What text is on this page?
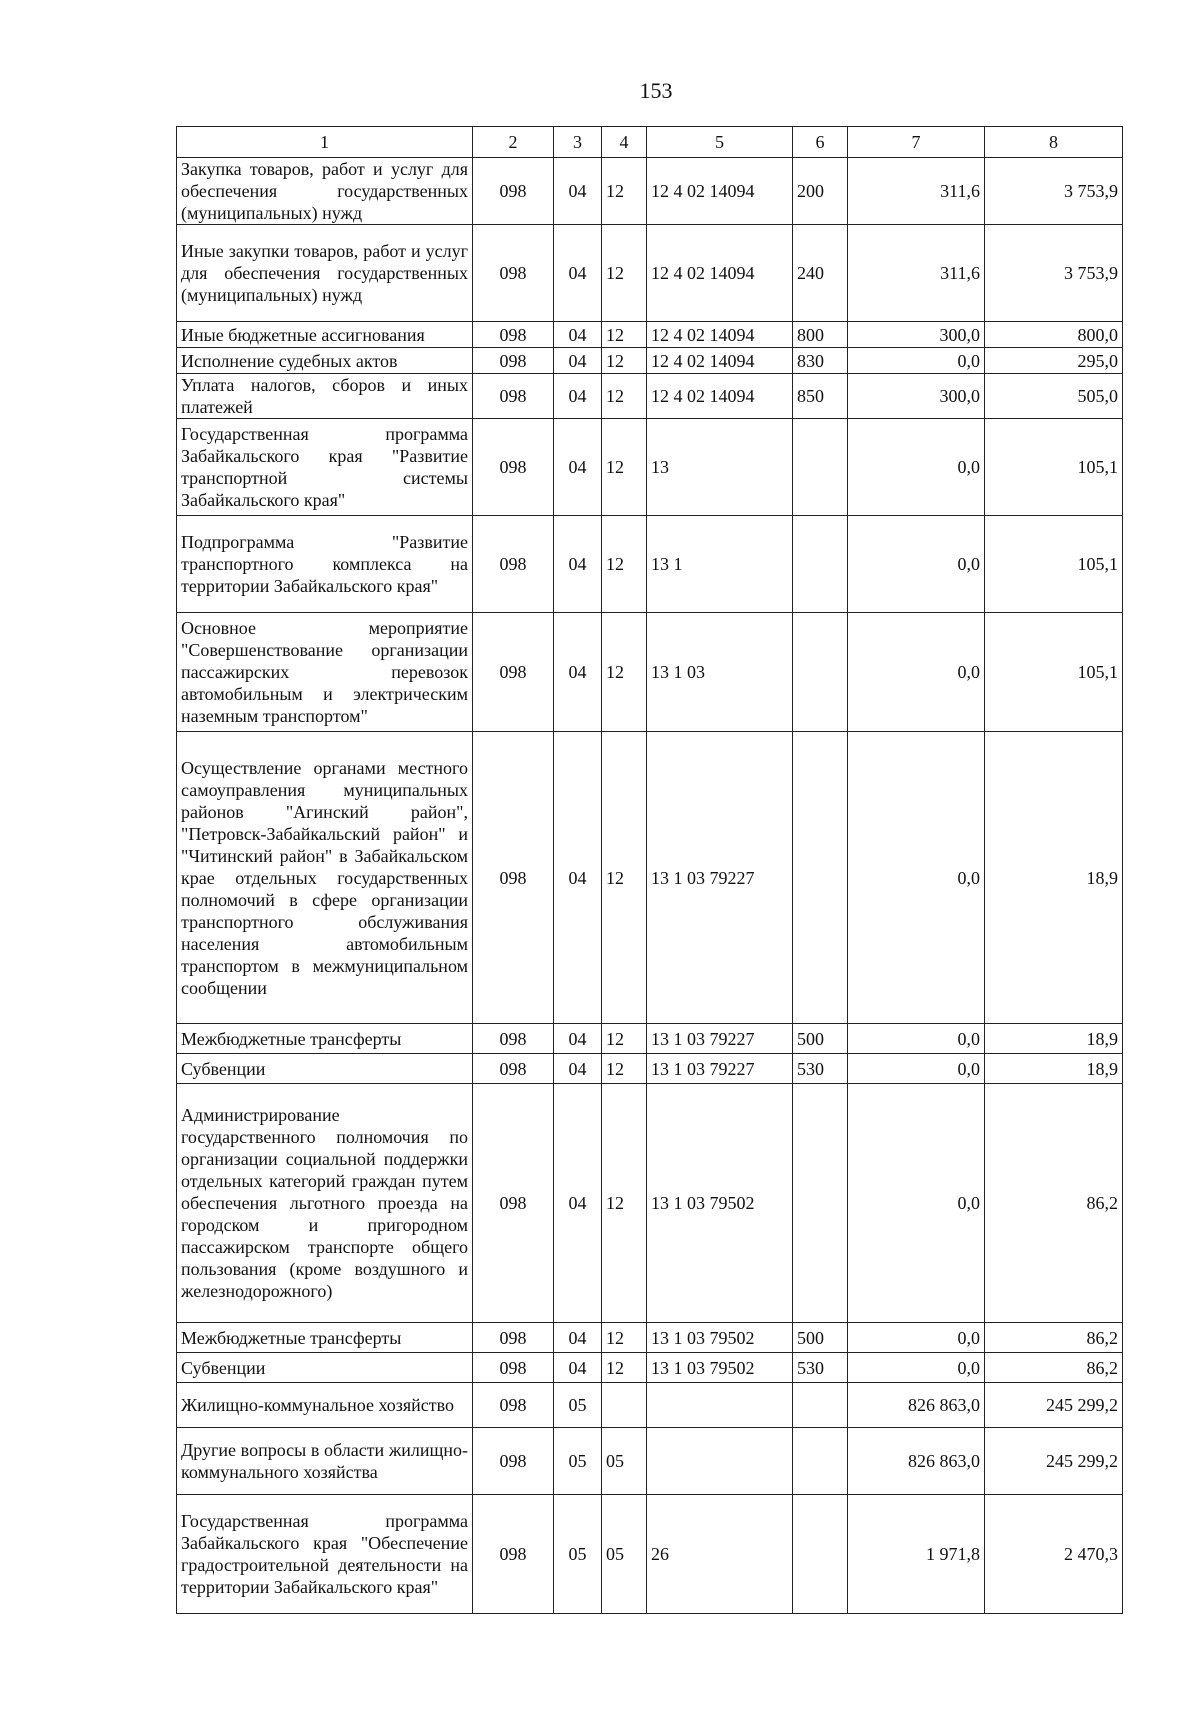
153
1	2	3	4	5	6	7	8
Закупка товаров, работ и услуг для обеспечения государственных (муниципальных) нужд	098	04	12	12 4 02 14094	200	311,6	3 753,9
Иные закупки товаров, работ и услуг для обеспечения государственных (муниципальных) нужд	098	04	12	12 4 02 14094	240	311,6	3 753,9
Иные бюджетные ассигнования	098	04	12	12 4 02 14094	800	300,0	800,0
Исполнение судебных актов	098	04	12	12 4 02 14094	830	0,0	295,0
Уплата налогов, сборов и иных платежей	098	04	12	12 4 02 14094	850	300,0	505,0
Государственная программа Забайкальского края "Развитие транспортной системы Забайкальского края"	098	04	12	13		0,0	105,1
Подпрограмма "Развитие транспортного комплекса на территории Забайкальского края"	098	04	12	13 1		0,0	105,1
Основное мероприятие "Совершенствование организации пассажирских перевозок автомобильным и электрическим наземным транспортом"	098	04	12	13 1 03		0,0	105,1
Осуществление органами местного самоуправления муниципальных районов "Агинский район", "Петровск-Забайкальский район" и "Читинский район" в Забайкальском крае отдельных государственных полномочий в сфере организации транспортного обслуживания населения автомобильным транспортом в межмуниципальном сообщении	098	04	12	13 1 03 79227		0,0	18,9
Межбюджетные трансферты	098	04	12	13 1 03 79227	500	0,0	18,9
Субвенции	098	04	12	13 1 03 79227	530	0,0	18,9
Администрирование государственного полномочия по организации социальной поддержки отдельных категорий граждан путем обеспечения льготного проезда на городском и пригородном пассажирском транспорте общего пользования (кроме воздушного и железнодорожного)	098	04	12	13 1 03 79502		0,0	86,2
Межбюджетные трансферты	098	04	12	13 1 03 79502	500	0,0	86,2
Субвенции	098	04	12	13 1 03 79502	530	0,0	86,2
Жилищно-коммунальное хозяйство	098	05				826 863,0	245 299,2
Другие вопросы в области жилищно-коммунального хозяйства	098	05	05			826 863,0	245 299,2
Государственная программа Забайкальского края "Обеспечение градостроительной деятельности на территории Забайкальского края"	098	05	05	26		1 971,8	2 470,3
